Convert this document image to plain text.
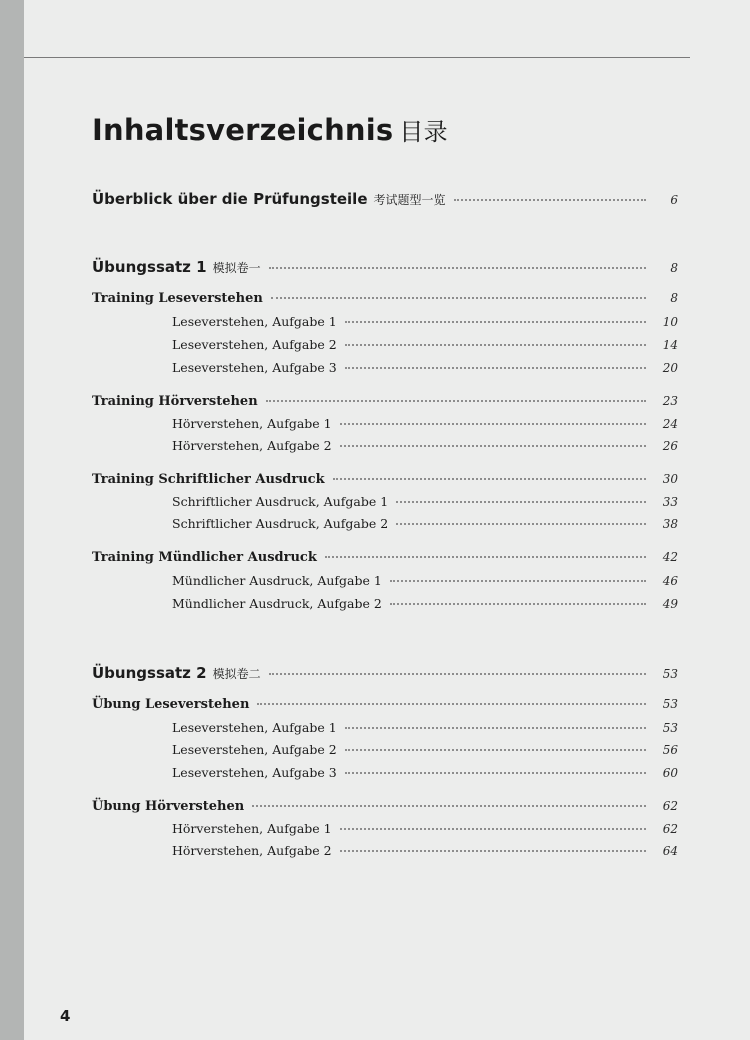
Inhaltsverzeichnis 目录
Überblick über die Prüfungsteile 考试题型一览	6
Übungssatz 1 模拟卷一	8
Training Leseverstehen	8
Leseverstehen, Aufgabe 1	10
Leseverstehen, Aufgabe 2	14
Leseverstehen, Aufgabe 3	20
Training Hörverstehen	23
Hörverstehen, Aufgabe 1	24
Hörverstehen, Aufgabe 2	26
Training Schriftlicher Ausdruck	30
Schriftlicher Ausdruck, Aufgabe 1	33
Schriftlicher Ausdruck, Aufgabe 2	38
Training Mündlicher Ausdruck	42
Mündlicher Ausdruck, Aufgabe 1	46
Mündlicher Ausdruck, Aufgabe 2	49
Übungssatz 2 模拟卷二	53
Übung Leseverstehen	53
Leseverstehen, Aufgabe 1	53
Leseverstehen, Aufgabe 2	56
Leseverstehen, Aufgabe 3	60
Übung Hörverstehen	62
Hörverstehen, Aufgabe 1	62
Hörverstehen, Aufgabe 2	64
4
